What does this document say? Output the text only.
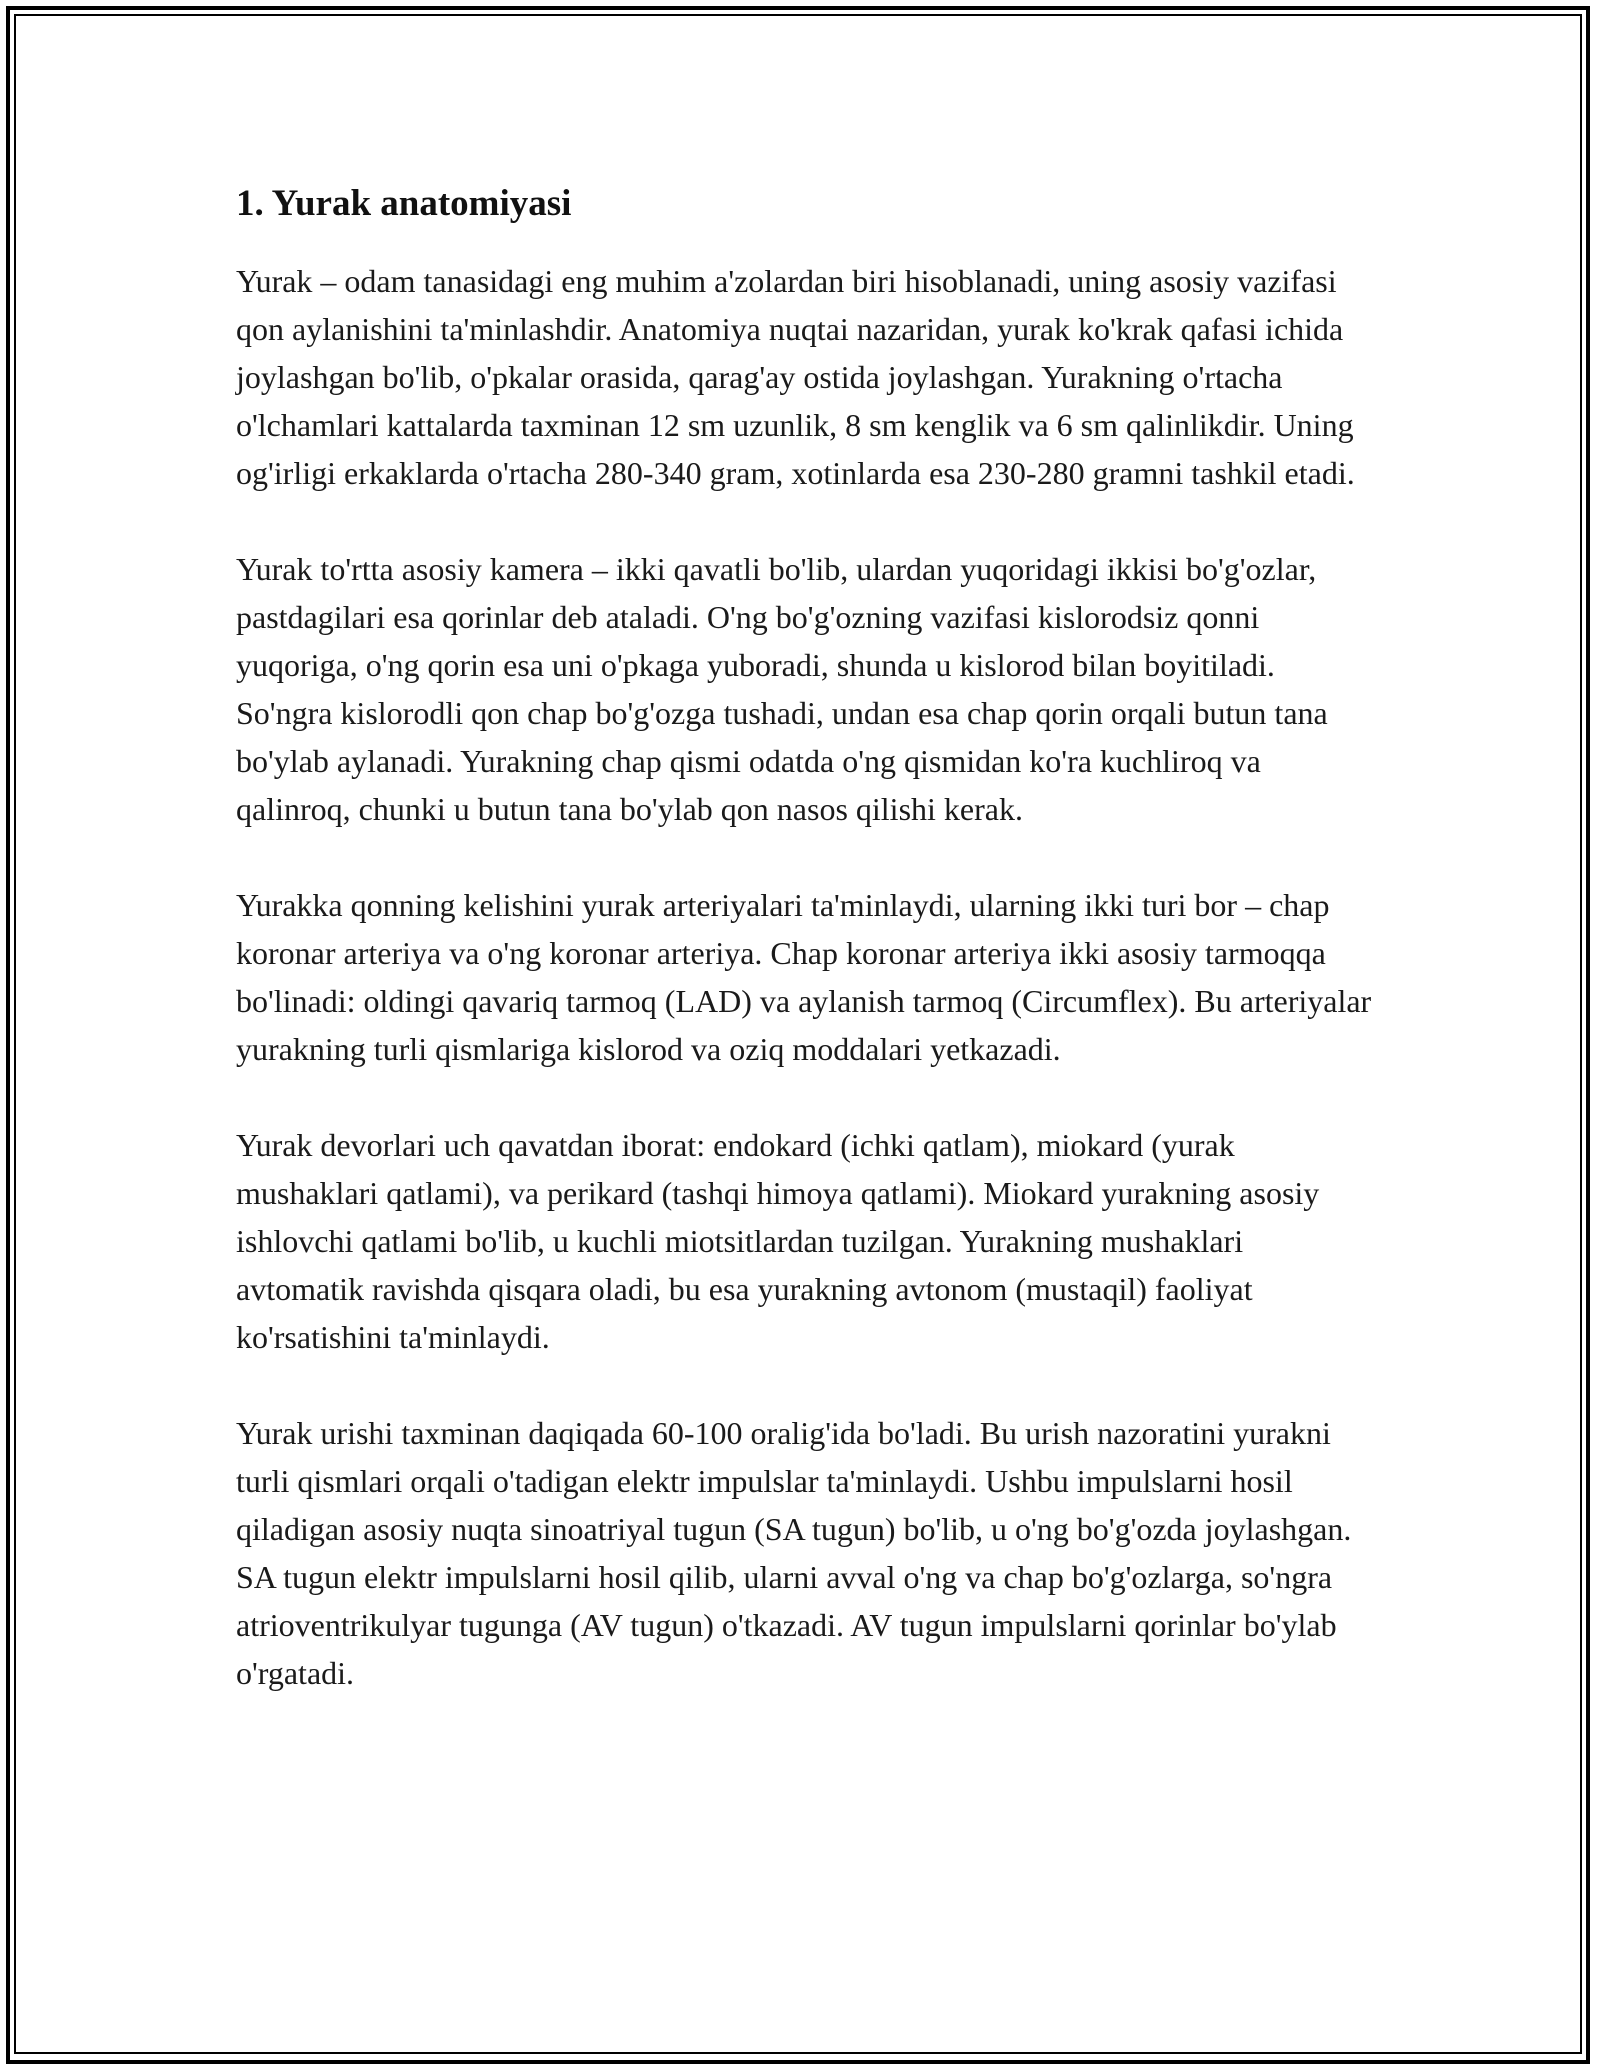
1. Yurak anatomiyasi

Yurak – odam tanasidagi eng muhim a'zolardan biri hisoblanadi, uning asosiy vazifasi qon aylanishini ta'minlashdir. Anatomiya nuqtai nazaridan, yurak ko'krak qafasi ichida joylashgan bo'lib, o'pkalar orasida, qarag'ay ostida joylashgan. Yurakning o'rtacha o'lchamlari kattalarda taxminan 12 sm uzunlik, 8 sm kenglik va 6 sm qalinlikdir. Uning og'irligi erkaklarda o'rtacha 280-340 gram, xotinlarda esa 230-280 gramni tashkil etadi.

Yurak to'rtta asosiy kamera – ikki qavatli bo'lib, ulardan yuqoridagi ikkisi bo'g'ozlar, pastdagilari esa qorinlar deb ataladi. O'ng bo'g'ozning vazifasi kislorodsiz qonni yuqoriga, o'ng qorin esa uni o'pkaga yuboradi, shunda u kislorod bilan boyitiladi. So'ngra kislorodli qon chap bo'g'ozga tushadi, undan esa chap qorin orqali butun tana bo'ylab aylanadi. Yurakning chap qismi odatda o'ng qismidan ko'ra kuchliroq va qalinroq, chunki u butun tana bo'ylab qon nasos qilishi kerak.

Yurakka qonning kelishini yurak arteriyalari ta'minlaydi, ularning ikki turi bor – chap koronar arteriya va o'ng koronar arteriya. Chap koronar arteriya ikki asosiy tarmoqqa bo'linadi: oldingi qavariq tarmoq (LAD) va aylanish tarmoq (Circumflex). Bu arteriyalar yurakning turli qismlariga kislorod va oziq moddalari yetkazadi.

Yurak devorlari uch qavatdan iborat: endokard (ichki qatlam), miokard (yurak mushaklari qatlami), va perikard (tashqi himoya qatlami). Miokard yurakning asosiy ishlovchi qatlami bo'lib, u kuchli miotsitlardan tuzilgan. Yurakning mushaklari avtomatik ravishda qisqara oladi, bu esa yurakning avtonom (mustaqil) faoliyat ko'rsatishini ta'minlaydi.

Yurak urishi taxminan daqiqada 60-100 oralig'ida bo'ladi. Bu urish nazoratini yurakni turli qismlari orqali o'tadigan elektr impulslar ta'minlaydi. Ushbu impulslarni hosil qiladigan asosiy nuqta sinoatriyal tugun (SA tugun) bo'lib, u o'ng bo'g'ozda joylashgan. SA tugun elektr impulslarni hosil qilib, ularni avval o'ng va chap bo'g'ozlarga, so'ngra atrioventrikulyar tugunga (AV tugun) o'tkazadi. AV tugun impulslarni qorinlar bo'ylab o'rgatadi.
